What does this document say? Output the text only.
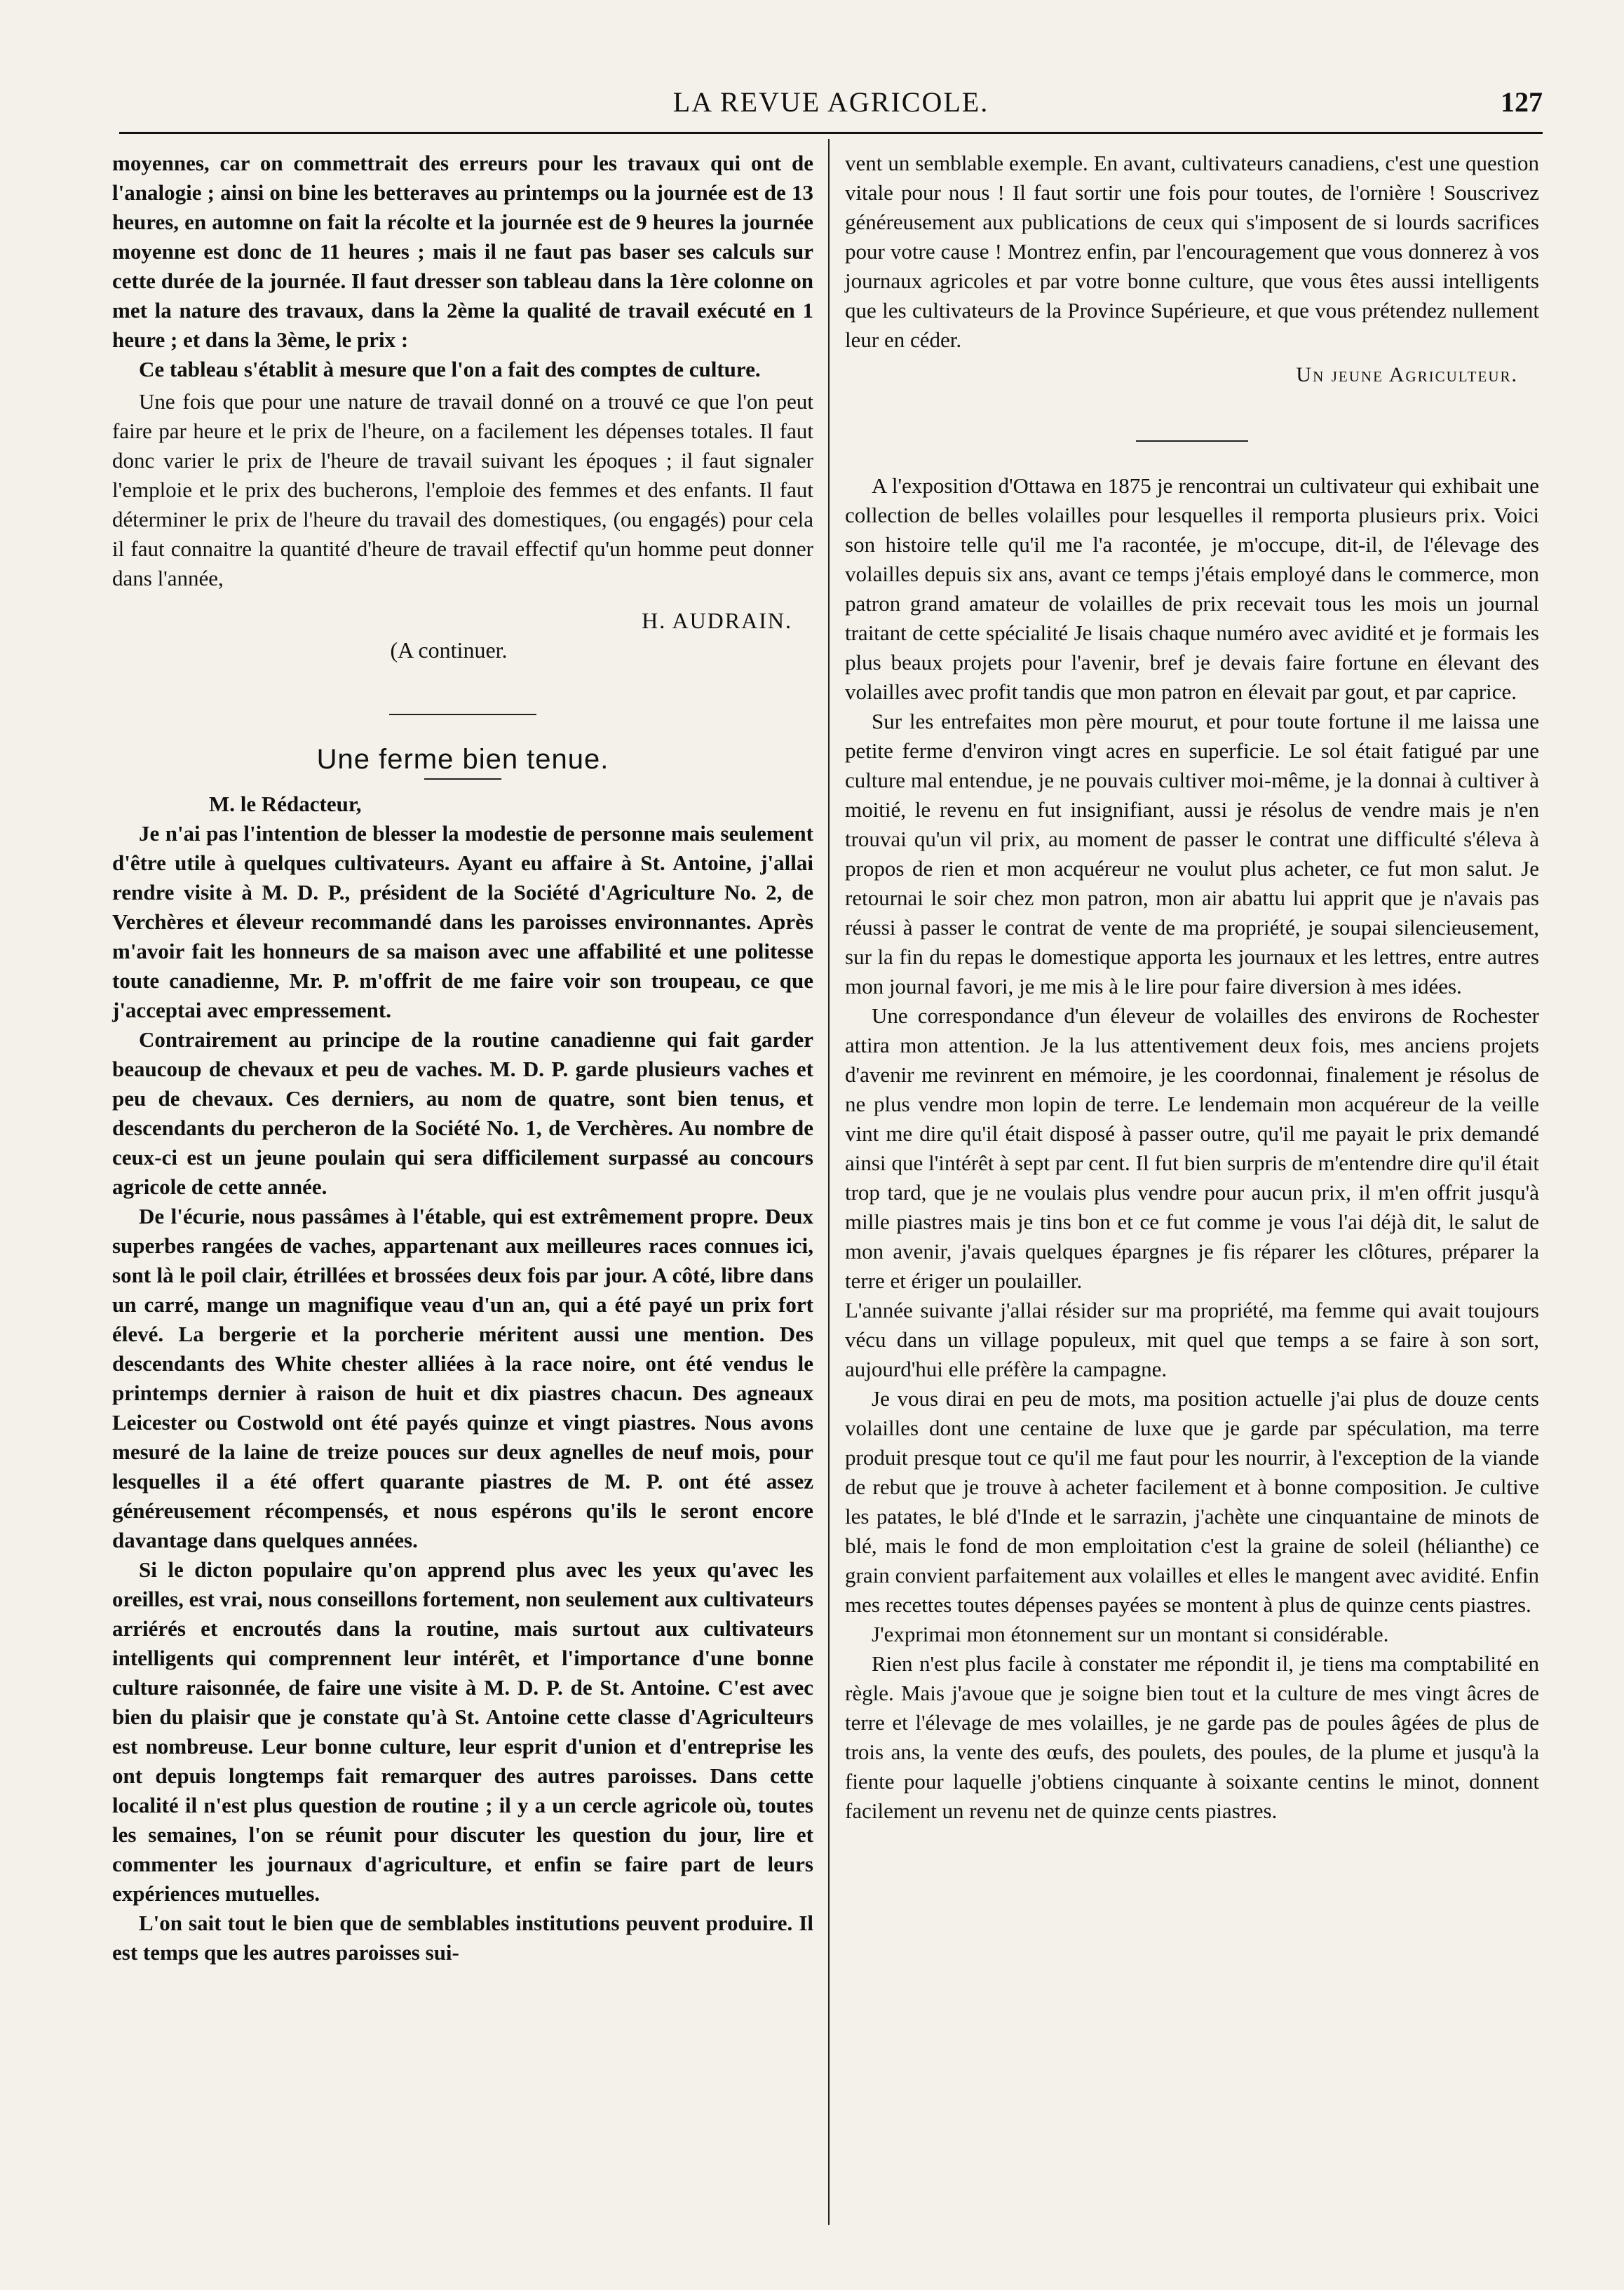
LA REVUE AGRICOLE.	127

moyennes, car on commettrait des erreurs pour les travaux qui ont de l'analogie ; ainsi on bine les betteraves au printemps ou la journée est de 13 heures, en automne on fait la récolte et la journée est de 9 heures la journée moyenne est donc de 11 heures ; mais il ne faut pas baser ses calculs sur cette durée de la journée. Il faut dresser son tableau dans la 1ère colonne on met la nature des travaux, dans la 2ème la qualité de travail exécuté en 1 heure ; et dans la 3ème, le prix :

Ce tableau s'établit à mesure que l'on a fait des comptes de culture.

Une fois que pour une nature de travail donné on a trouvé ce que l'on peut faire par heure et le prix de l'heure, on a facilement les dépenses totales. Il faut donc varier le prix de l'heure de travail suivant les époques ; il faut signaler l'emploie et le prix des bucherons, l'emploie des femmes et des enfants. Il faut déterminer le prix de l'heure du travail des domestiques, (ou engagés) pour cela il faut connaitre la quantité d'heure de travail effectif qu'un homme peut donner dans l'année,

H. AUDRAIN.
(A continuer.
Une ferme bien tenue.

M. le Rédacteur,

Je n'ai pas l'intention de blesser la modestie de personne mais seulement d'être utile à quelques cultivateurs. Ayant eu affaire à St. Antoine, j'allai rendre visite à M. D. P., président de la Société d'Agriculture No. 2, de Verchères et éleveur recommandé dans les paroisses environnantes. Après m'avoir fait les honneurs de sa maison avec une affabilité et une politesse toute canadienne, Mr. P. m'offrit de me faire voir son troupeau, ce que j'acceptai avec empressement.

Contrairement au principe de la routine canadienne qui fait garder beaucoup de chevaux et peu de vaches. M. D. P. garde plusieurs vaches et peu de chevaux. Ces derniers, au nom de quatre, sont bien tenus, et descendants du percheron de la Société No. 1, de Verchères. Au nombre de ceux-ci est un jeune poulain qui sera difficilement surpassé au concours agricole de cette année.

De l'écurie, nous passâmes à l'étable, qui est extrêmement propre. Deux superbes rangées de vaches, appartenant aux meilleures races connues ici, sont là le poil clair, étrillées et brossées deux fois par jour. A côté, libre dans un carré, mange un magnifique veau d'un an, qui a été payé un prix fort élevé. La bergerie et la porcherie méritent aussi une mention. Des descendants des White chester alliées à la race noire, ont été vendus le printemps dernier à raison de huit et dix piastres chacun. Des agneaux Leicester ou Costwold ont été payés quinze et vingt piastres. Nous avons mesuré de la laine de treize pouces sur deux agnelles de neuf mois, pour lesquelles il a été offert quarante piastres de M. P. ont été assez généreusement récompensés, et nous espérons qu'ils le seront encore davantage dans quelques années.

Si le dicton populaire qu'on apprend plus avec les yeux qu'avec les oreilles, est vrai, nous conseillons fortement, non seulement aux cultivateurs arriérés et encroutés dans la routine, mais surtout aux cultivateurs intelligents qui comprennent leur intérêt, et l'importance d'une bonne culture raisonnée, de faire une visite à M. D. P. de St. Antoine. C'est avec bien du plaisir que je constate qu'à St. Antoine cette classe d'Agriculteurs est nombreuse. Leur bonne culture, leur esprit d'union et d'entreprise les ont depuis longtemps fait remarquer des autres paroisses. Dans cette localité il n'est plus question de routine ; il y a un cercle agricole où, toutes les semaines, l'on se réunit pour discuter les question du jour, lire et commenter les journaux d'agriculture, et enfin se faire part de leurs expériences mutuelles.

L'on sait tout le bien que de semblables institutions peuvent produire. Il est temps que les autres paroisses sui-

vent un semblable exemple. En avant, cultivateurs canadiens, c'est une question vitale pour nous ! Il faut sortir une fois pour toutes, de l'ornière ! Souscrivez généreusement aux publications de ceux qui s'imposent de si lourds sacrifices pour votre cause ! Montrez enfin, par l'encouragement que vous donnerez à vos journaux agricoles et par votre bonne culture, que vous êtes aussi intelligents que les cultivateurs de la Province Supérieure, et que vous prétendez nullement leur en céder.

Un jeune Agriculteur.

A l'exposition d'Ottawa en 1875 je rencontrai un cultivateur qui exhibait une collection de belles volailles pour lesquelles il remporta plusieurs prix. Voici son histoire telle qu'il me l'a racontée, je m'occupe, dit-il, de l'élevage des volailles depuis six ans, avant ce temps j'étais employé dans le commerce, mon patron grand amateur de volailles de prix recevait tous les mois un journal traitant de cette spécialité Je lisais chaque numéro avec avidité et je formais les plus beaux projets pour l'avenir, bref je devais faire fortune en élevant des volailles avec profit tandis que mon patron en élevait par gout, et par caprice.

Sur les entrefaites mon père mourut, et pour toute fortune il me laissa une petite ferme d'environ vingt acres en superficie. Le sol était fatigué par une culture mal entendue, je ne pouvais cultiver moi-même, je la donnai à cultiver à moitié, le revenu en fut insignifiant, aussi je résolus de vendre mais je n'en trouvai qu'un vil prix, au moment de passer le contrat une difficulté s'éleva à propos de rien et mon acquéreur ne voulut plus acheter, ce fut mon salut. Je retournai le soir chez mon patron, mon air abattu lui apprit que je n'avais pas réussi à passer le contrat de vente de ma propriété, je soupai silencieusement, sur la fin du repas le domestique apporta les journaux et les lettres, entre autres mon journal favori, je me mis à le lire pour faire diversion à mes idées.

Une correspondance d'un éleveur de volailles des environs de Rochester attira mon attention. Je la lus attentivement deux fois, mes anciens projets d'avenir me revinrent en mémoire, je les coordonnai, finalement je résolus de ne plus vendre mon lopin de terre. Le lendemain mon acquéreur de la veille vint me dire qu'il était disposé à passer outre, qu'il me payait le prix demandé ainsi que l'intérêt à sept par cent. Il fut bien surpris de m'entendre dire qu'il était trop tard, que je ne voulais plus vendre pour aucun prix, il m'en offrit jusqu'à mille piastres mais je tins bon et ce fut comme je vous l'ai déjà dit, le salut de mon avenir, j'avais quelques épargnes je fis réparer les clôtures, préparer la terre et ériger un poulailler.

L'année suivante j'allai résider sur ma propriété, ma femme qui avait toujours vécu dans un village populeux, mit quel que temps a se faire à son sort, aujourd'hui elle préfère la campagne.

Je vous dirai en peu de mots, ma position actuelle j'ai plus de douze cents volailles dont une centaine de luxe que je garde par spéculation, ma terre produit presque tout ce qu'il me faut pour les nourrir, à l'exception de la viande de rebut que je trouve à acheter facilement et à bonne composition. Je cultive les patates, le blé d'Inde et le sarrazin, j'achète une cinquantaine de minots de blé, mais le fond de mon emploitation c'est la graine de soleil (hélianthe) ce grain convient parfaitement aux volailles et elles le mangent avec avidité. Enfin mes recettes toutes dépenses payées se montent à plus de quinze cents piastres.

J'exprimai mon étonnement sur un montant si considérable.

Rien n'est plus facile à constater me répondit il, je tiens ma comptabilité en règle. Mais j'avoue que je soigne bien tout et la culture de mes vingt âcres de terre et l'élevage de mes volailles, je ne garde pas de poules âgées de plus de trois ans, la vente des œufs, des poulets, des poules, de la plume et jusqu'à la fiente pour laquelle j'obtiens cinquante à soixante centins le minot, donnent facilement un revenu net de quinze cents piastres.
